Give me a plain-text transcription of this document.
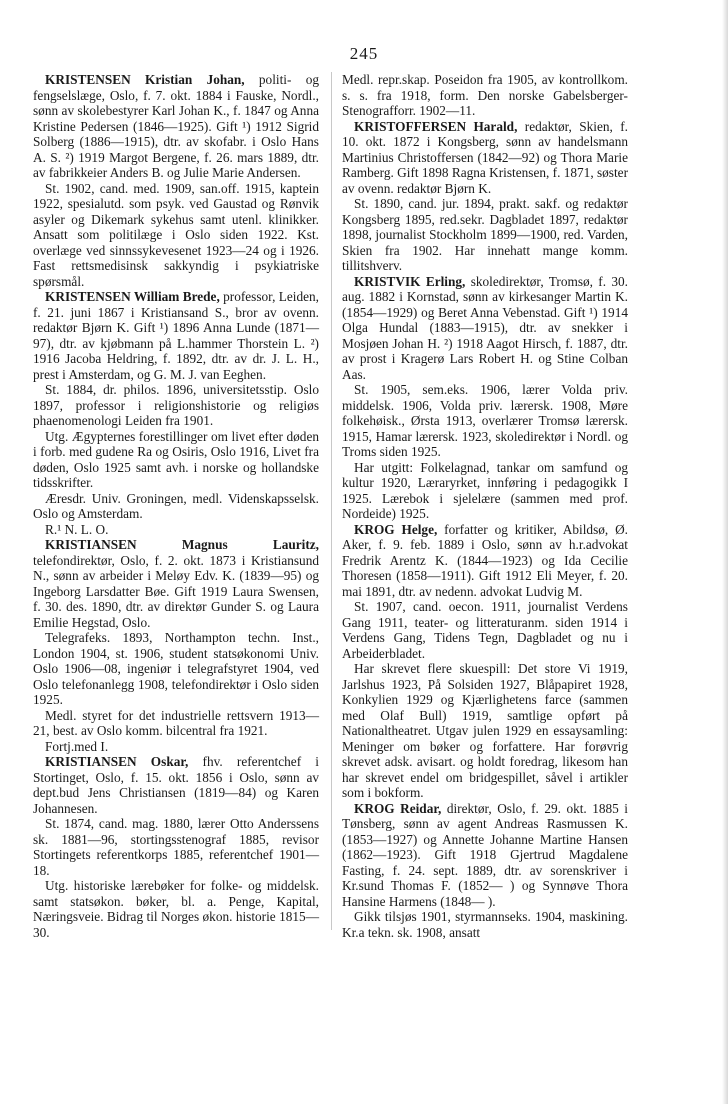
245

KRISTENSEN Kristian Johan, politi- og fengselslæge, Oslo, f. 7. okt. 1884 i Fauske, Nordl., sønn av skolebestyrer Karl Johan K., f. 1847 og Anna Kristine Pedersen (1846—1925). Gift ¹) 1912 Sigrid Solberg (1886—1915), dtr. av skofabr. i Oslo Hans A. S. ²) 1919 Margot Bergene, f. 26. mars 1889, dtr. av fabrikkeier Anders B. og Julie Marie Andersen.

St. 1902, cand. med. 1909, san.off. 1915, kaptein 1922, spesialutd. som psyk. ved Gaustad og Rønvik asyler og Dikemark sykehus samt utenl. klinikker. Ansatt som politilæge i Oslo siden 1922. Kst. overlæge ved sinnssykevesenet 1923—24 og i 1926. Fast rettsmedisinsk sakkyndig i psykiatriske spørsmål.

KRISTENSEN William Brede, professor, Leiden, f. 21. juni 1867 i Kristiansand S., bror av ovenn. redaktør Bjørn K. Gift ¹) 1896 Anna Lunde (1871—97), dtr. av kjøbmann på L.hammer Thorstein L. ²) 1916 Jacoba Heldring, f. 1892, dtr. av dr. J. L. H., prest i Amsterdam, og G. M. J. van Eeghen.

St. 1884, dr. philos. 1896, universitetsstip. Oslo 1897, professor i religionshistorie og religiøs phaenomenologi Leiden fra 1901.

Utg. Ægypternes forestillinger om livet efter døden i forb. med gudene Ra og Osiris, Oslo 1916, Livet fra døden, Oslo 1925 samt avh. i norske og hollandske tidsskrifter.

Æresdr. Univ. Groningen, medl. Videnskapsselsk. Oslo og Amsterdam.

R.¹ N. L. O.

KRISTIANSEN Magnus Lauritz, telefondirektør, Oslo, f. 2. okt. 1873 i Kristiansund N., sønn av arbeider i Meløy Edv. K. (1839—95) og Ingeborg Larsdatter Bøe. Gift 1919 Laura Swensen, f. 30. des. 1890, dtr. av direktør Gunder S. og Laura Emilie Hegstad, Oslo.

Telegrafeks. 1893, Northampton techn. Inst., London 1904, st. 1906, student statsøkonomi Univ. Oslo 1906—08, ingeniør i telegrafstyret 1904, ved Oslo telefonanlegg 1908, telefondirektør i Oslo siden 1925.

Medl. styret for det industrielle rettsvern 1913—21, best. av Oslo komm. bilcentral fra 1921.

Fortj.med I.

KRISTIANSEN Oskar, fhv. referentchef i Stortinget, Oslo, f. 15. okt. 1856 i Oslo, sønn av dept.bud Jens Christiansen (1819—84) og Karen Johannesen.

St. 1874, cand. mag. 1880, lærer Otto Anderssens sk. 1881—96, stortingsstenograf 1885, revisor Stortingets referentkorps 1885, referentchef 1901—18.

Utg. historiske lærebøker for folke- og middelsk. samt statsøkon. bøker, bl. a. Penge, Kapital, Næringsveie. Bidrag til Norges økon. historie 1815—30.

Medl. repr.skap. Poseidon fra 1905, av kontrollkom. s. s. fra 1918, form. Den norske Gabelsberger-Stenografforr. 1902—11.

KRISTOFFERSEN Harald, redaktør, Skien, f. 10. okt. 1872 i Kongsberg, sønn av handelsmann Martinius Christoffersen (1842—92) og Thora Marie Ramberg. Gift 1898 Ragna Kristensen, f. 1871, søster av ovenn. redaktør Bjørn K.

St. 1890, cand. jur. 1894, prakt. sakf. og redaktør Kongsberg 1895, red.sekr. Dagbladet 1897, redaktør 1898, journalist Stockholm 1899—1900, red. Varden, Skien fra 1902. Har innehatt mange komm. tillitshverv.

KRISTVIK Erling, skoledirektør, Tromsø, f. 30. aug. 1882 i Kornstad, sønn av kirkesanger Martin K. (1854—1929) og Beret Anna Vebenstad. Gift ¹) 1914 Olga Hundal (1883—1915), dtr. av snekker i Mosjøen Johan H. ²) 1918 Aagot Hirsch, f. 1887, dtr. av prost i Kragerø Lars Robert H. og Stine Colban Aas.

St. 1905, sem.eks. 1906, lærer Volda priv. middelsk. 1906, Volda priv. lærersk. 1908, Møre folkehøisk., Ørsta 1913, overlærer Tromsø lærersk. 1915, Hamar lærersk. 1923, skoledirektør i Nordl. og Troms siden 1925.

Har utgitt: Folkelagnad, tankar om samfund og kultur 1920, Læraryrket, innføring i pedagogikk I 1925. Lærebok i sjelelære (sammen med prof. Nordeide) 1925.

KROG Helge, forfatter og kritiker, Abildsø, Ø. Aker, f. 9. feb. 1889 i Oslo, sønn av h.r.advokat Fredrik Arentz K. (1844—1923) og Ida Cecilie Thoresen (1858—1911). Gift 1912 Eli Meyer, f. 20. mai 1891, dtr. av nedenn. advokat Ludvig M.

St. 1907, cand. oecon. 1911, journalist Verdens Gang 1911, teater- og litteraturanm. siden 1914 i Verdens Gang, Tidens Tegn, Dagbladet og nu i Arbeiderbladet.

Har skrevet flere skuespill: Det store Vi 1919, Jarlshus 1923, På Solsiden 1927, Blåpapiret 1928, Konkylien 1929 og Kjærlighetens farce (sammen med Olaf Bull) 1919, samtlige opført på Nationaltheatret. Utgav julen 1929 en essaysamling: Meninger om bøker og forfattere. Har forøvrig skrevet adsk. avisart. og holdt foredrag, likesom han har skrevet endel om bridgespillet, såvel i artikler som i bokform.

KROG Reidar, direktør, Oslo, f. 29. okt. 1885 i Tønsberg, sønn av agent Andreas Rasmussen K. (1853—1927) og Annette Johanne Martine Hansen (1862—1923). Gift 1918 Gjertrud Magdalene Fasting, f. 24. sept. 1889, dtr. av sorenskriver i Kr.sund Thomas F. (1852— ) og Synnøve Thora Hansine Harmens (1848— ).

Gikk tilsjøs 1901, styrmannseks. 1904, maskining. Kr.a tekn. sk. 1908, ansatt
